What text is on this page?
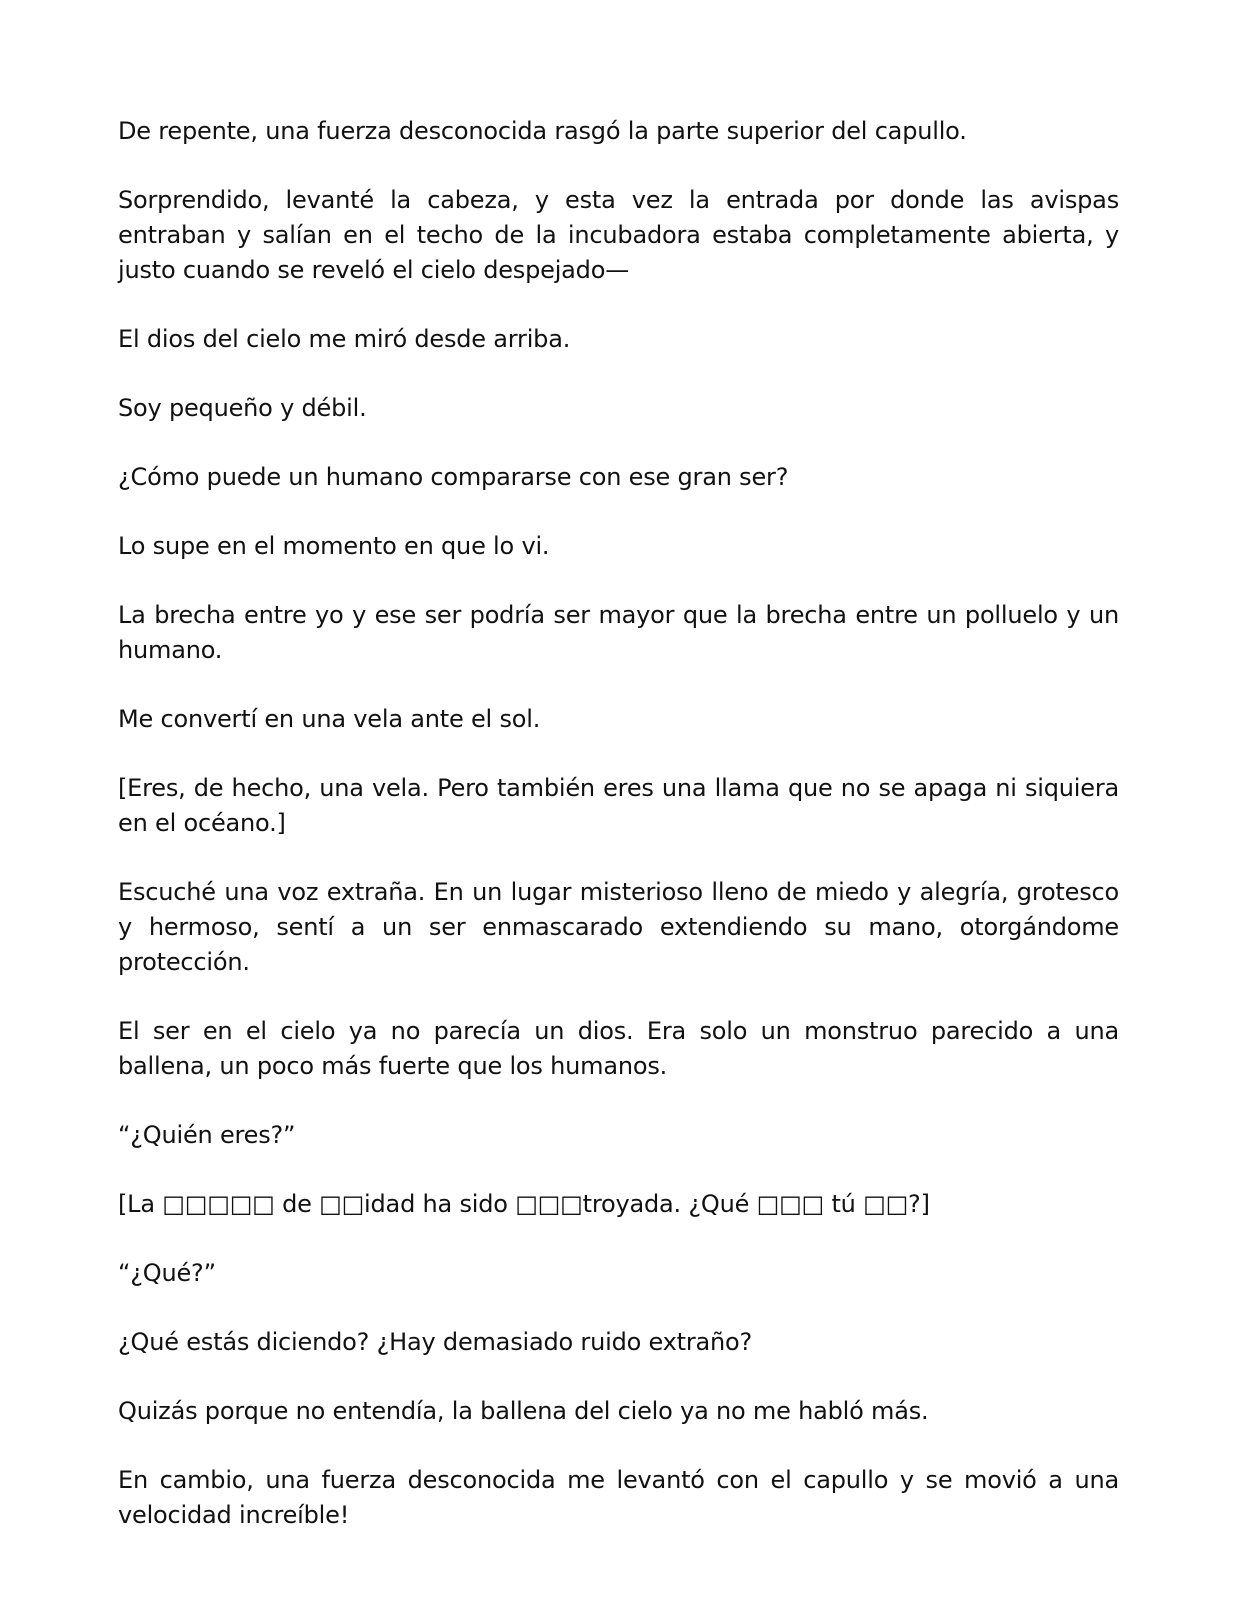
De repente, una fuerza desconocida rasgó la parte superior del capullo.

Sorprendido, levanté la cabeza, y esta vez la entrada por donde las avispas entraban y salían en el techo de la incubadora estaba completamente abierta, y justo cuando se reveló el cielo despejado—

El dios del cielo me miró desde arriba.

Soy pequeño y débil.

¿Cómo puede un humano compararse con ese gran ser?

Lo supe en el momento en que lo vi.

La brecha entre yo y ese ser podría ser mayor que la brecha entre un polluelo y un humano.

Me convertí en una vela ante el sol.

[Eres, de hecho, una vela. Pero también eres una llama que no se apaga ni siquiera en el océano.]

Escuché una voz extraña. En un lugar misterioso lleno de miedo y alegría, grotesco y hermoso, sentí a un ser enmascarado extendiendo su mano, otorgándome protección.

El ser en el cielo ya no parecía un dios. Era solo un monstruo parecido a una ballena, un poco más fuerte que los humanos.

“¿Quién eres?”

[La □□□□□ de □□idad ha sido □□□troyada. ¿Qué □□□ tú □□?]

“¿Qué?”

¿Qué estás diciendo? ¿Hay demasiado ruido extraño?

Quizás porque no entendía, la ballena del cielo ya no me habló más.

En cambio, una fuerza desconocida me levantó con el capullo y se movió a una velocidad increíble!
